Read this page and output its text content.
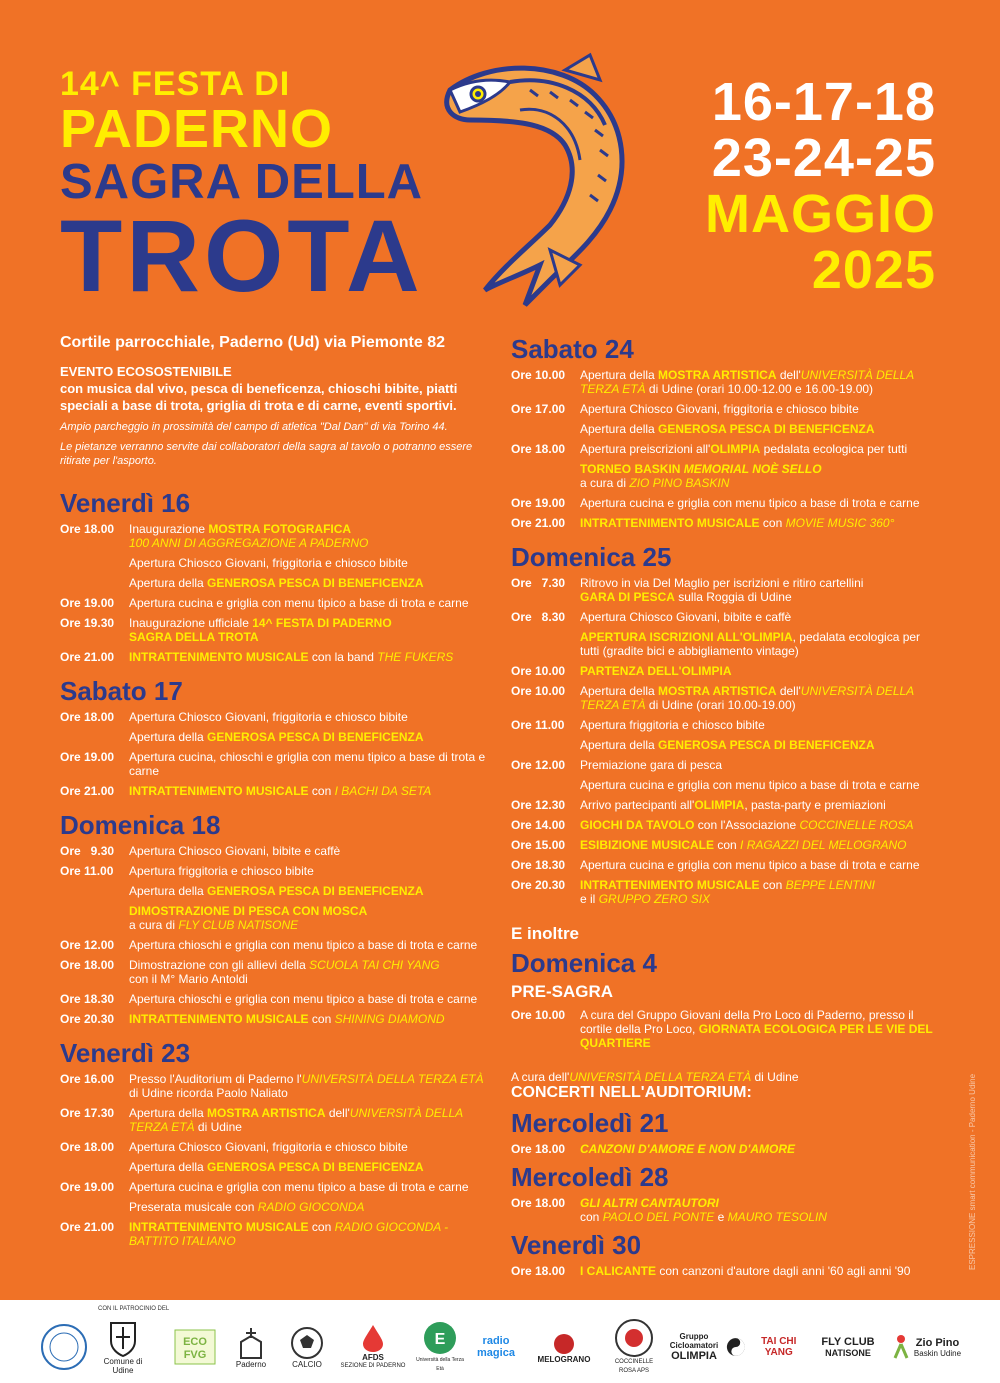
14^ FESTA DI
PADERNO
SAGRA DELLA
TROTA
16-17-18
23-24-25
MAGGIO
2025
Cortile parrocchiale, Paderno (Ud) via Piemonte 82
EVENTO ECOSOSTENIBILE
con musica dal vivo, pesca di beneficenza, chioschi bibite, piatti speciali a base di trota, griglia di trota e di carne, eventi sportivi.
Ampio parcheggio in prossimità del campo di atletica "Dal Dan" di via Torino 44.
Le pietanze verranno servite dai collaboratori della sagra al tavolo o potranno essere ritirate per l'asporto.
Venerdì 16
Ore 18.00	Inaugurazione MOSTRA FOTOGRAFICA
100 ANNI DI AGGREGAZIONE A PADERNO
Apertura Chiosco Giovani, friggitoria e chiosco bibite
Apertura della GENEROSA PESCA DI BENEFICENZA
Ore 19.00	Apertura cucina e griglia con menu tipico a base di trota e carne
Ore 19.30	Inaugurazione ufficiale 14^ FESTA DI PADERNO
SAGRA DELLA TROTA
Ore 21.00	INTRATTENIMENTO MUSICALE con la band THE FUKERS
Sabato 17
Ore 18.00	Apertura Chiosco Giovani, friggitoria e chiosco bibite
Apertura della GENEROSA PESCA DI BENEFICENZA
Ore 19.00	Apertura cucina, chioschi e griglia con menu tipico a base di trota e carne
Ore 21.00	INTRATTENIMENTO MUSICALE con I BACHI DA SETA
Domenica 18
Ore   9.30	Apertura Chiosco Giovani, bibite e caffè
Ore 11.00	Apertura friggitoria e chiosco bibite
Apertura della GENEROSA PESCA DI BENEFICENZA
DIMOSTRAZIONE DI PESCA CON MOSCA
a cura di FLY CLUB NATISONE
Ore 12.00	Apertura chioschi e griglia con menu tipico a base di trota e carne
Ore 18.00	Dimostrazione con gli allievi della SCUOLA TAI CHI YANG
con il M° Mario Antoldi
Ore 18.30	Apertura chioschi e griglia con menu tipico a base di trota e carne
Ore 20.30	INTRATTENIMENTO MUSICALE con SHINING DIAMOND
Venerdì 23
Ore 16.00	Presso l'Auditorium di Paderno l'UNIVERSITÀ DELLA TERZA ETÀ di Udine ricorda Paolo Naliato
Ore 17.30	Apertura della MOSTRA ARTISTICA dell'UNIVERSITÀ DELLA TERZA ETÀ di Udine
Ore 18.00	Apertura Chiosco Giovani, friggitoria e chiosco bibite
Apertura della GENEROSA PESCA DI BENEFICENZA
Ore 19.00	Apertura cucina e griglia con menu tipico a base di trota e carne
Preserata musicale con RADIO GIOCONDA
Ore 21.00	INTRATTENIMENTO MUSICALE con RADIO GIOCONDA - BATTITO ITALIANO
Sabato 24
Ore 10.00	Apertura della MOSTRA ARTISTICA dell'UNIVERSITÀ DELLA TERZA ETÀ di Udine (orari 10.00-12.00 e 16.00-19.00)
Ore 17.00	Apertura Chiosco Giovani, friggitoria e chiosco bibite
Apertura della GENEROSA PESCA DI BENEFICENZA
Ore 18.00	Apertura preiscrizioni all'OLIMPIA pedalata ecologica per tutti
TORNEO BASKIN MEMORIAL NOÈ SELLO
a cura di ZIO PINO BASKIN
Ore 19.00	Apertura cucina e griglia con menu tipico a base di trota e carne
Ore 21.00	INTRATTENIMENTO MUSICALE con MOVIE MUSIC 360°
Domenica 25
Ore   7.30	Ritrovo in via Del Maglio per iscrizioni e ritiro cartellini
GARA DI PESCA sulla Roggia di Udine
Ore   8.30	Apertura Chiosco Giovani, bibite e caffè
APERTURA ISCRIZIONI ALL'OLIMPIA, pedalata ecologica per tutti (gradite bici e abbigliamento vintage)
Ore 10.00	PARTENZA DELL'OLIMPIA
Ore 10.00	Apertura della MOSTRA ARTISTICA dell'UNIVERSITÀ DELLA TERZA ETÀ di Udine (orari 10.00-19.00)
Ore 11.00	Apertura friggitoria e chiosco bibite
Apertura della GENEROSA PESCA DI BENEFICENZA
Ore 12.00	Premiazione gara di pesca
Apertura cucina e griglia con menu tipico a base di trota e carne
Ore 12.30	Arrivo partecipanti all'OLIMPIA, pasta-party e premiazioni
Ore 14.00	GIOCHI DA TAVOLO con l'Associazione COCCINELLE ROSA
Ore 15.00	ESIBIZIONE MUSICALE con I RAGAZZI DEL MELOGRANO
Ore 18.30	Apertura cucina e griglia con menu tipico a base di trota e carne
Ore 20.30	INTRATTENIMENTO MUSICALE con BEPPE LENTINI
e il GRUPPO ZERO SIX
E inoltre
Domenica 4
PRE-SAGRA
Ore 10.00	A cura del Gruppo Giovani della Pro Loco di Paderno, presso il cortile della Pro Loco, GIORNATA ECOLOGICA PER LE VIE DEL QUARTIERE
A cura dell'UNIVERSITÀ DELLA TERZA ETÀ di Udine
CONCERTI NELL'AUDITORIUM:
Mercoledì 21
Ore 18.00	CANZONI D'AMORE E NON D'AMORE
Mercoledì 28
Ore 18.00	GLI ALTRI CANTAUTORI
con PAOLO DEL PONTE e MAURO TESOLIN
Venerdì 30
Ore 18.00	I CALICANTE con canzoni d'autore dagli anni '60 agli anni '90
ESPRESSIONE smart communication - Paderno Udine
CON IL PATROCINIO DEL
Comune di Udine
ECO
FVG
Paderno	CALCIO
AFDS
SEZIONE DI PADERNO
E
Università della Terza Età
radio magica	MELOGRANO	COCCINELLE ROSA APS
Gruppo
Cicloamatori
OLIMPIA
TAI CHI YANG
FLY CLUB
NATISONE
Zio Pino
Baskin Udine
